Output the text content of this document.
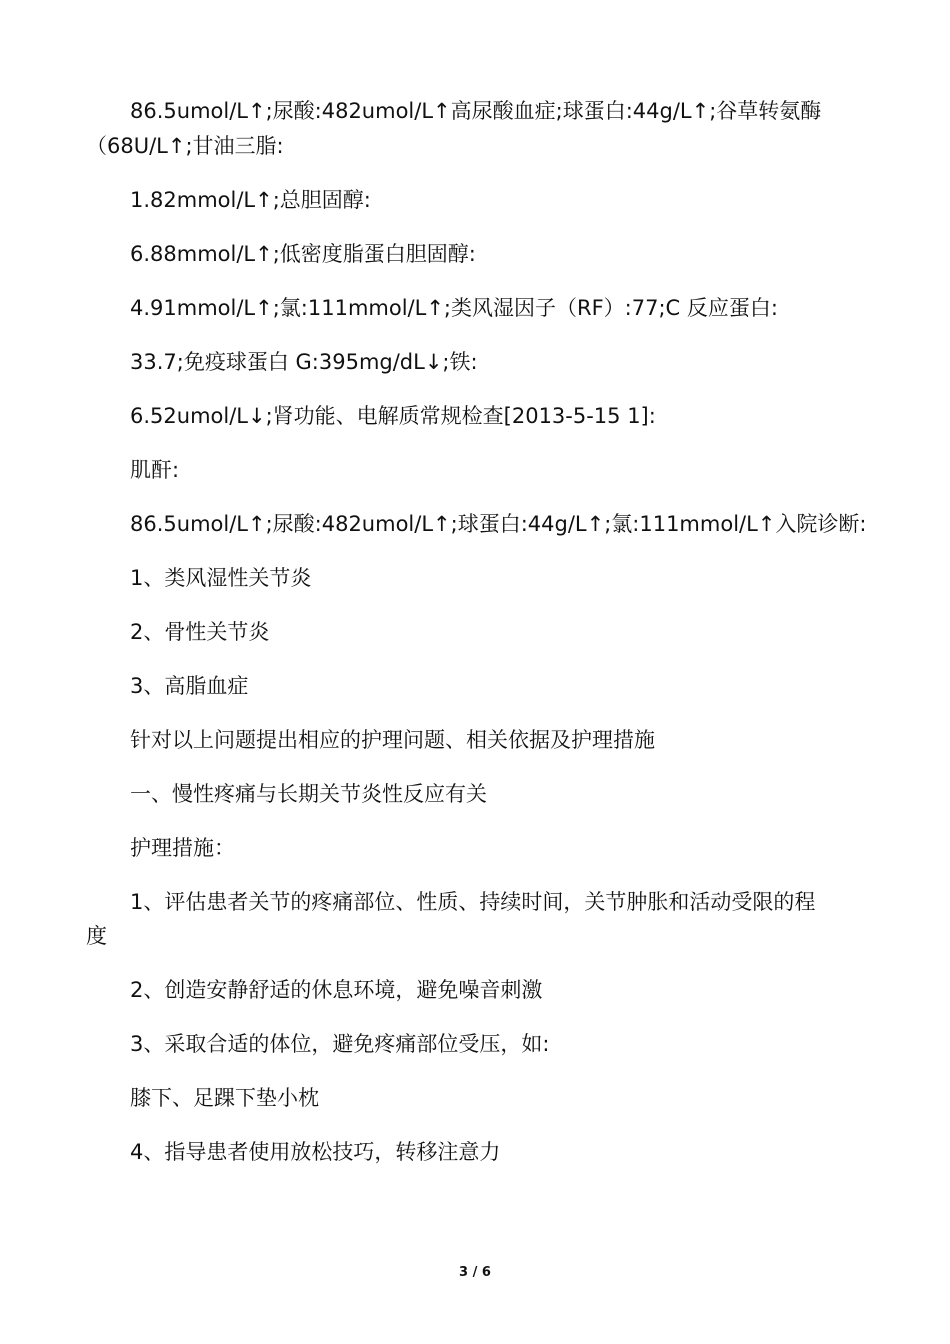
86.5umol/L↑;尿酸:482umol/L↑高尿酸血症;球蛋白:44g/L↑;谷草转氨酶
（68U/L↑;甘油三脂:
1.82mmol/L↑;总胆固醇:
6.88mmol/L↑;低密度脂蛋白胆固醇:
4.91mmol/L↑;氯:111mmol/L↑;类风湿因子（RF）:77;C 反应蛋白:
33.7;免疫球蛋白 G:395mg/dL↓;铁:
6.52umol/L↓;肾功能、电解质常规检查[2013-5-15 1]:
肌酐:
86.5umol/L↑;尿酸:482umol/L↑;球蛋白:44g/L↑;氯:111mmol/L↑入院诊断:
1、类风湿性关节炎
2、骨性关节炎
3、高脂血症
针对以上问题提出相应的护理问题、相关依据及护理措施
一、慢性疼痛与长期关节炎性反应有关
护理措施：
1、评估患者关节的疼痛部位、性质、持续时间，关节肿胀和活动受限的程
度
2、创造安静舒适的休息环境，避免噪音刺激
3、采取合适的体位，避免疼痛部位受压，如:
膝下、足踝下垫小枕
4、指导患者使用放松技巧，转移注意力
3 / 6
